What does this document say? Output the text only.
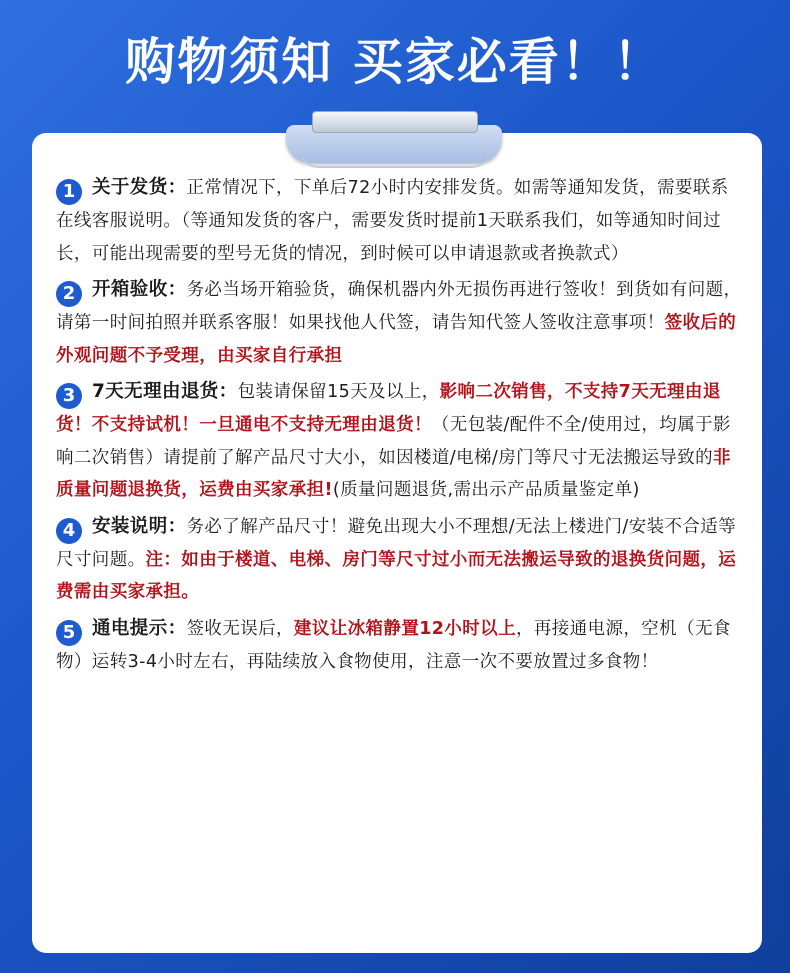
购物须知 买家必看！！
1 关于发货：正常情况下，下单后72小时内安排发货。如需等通知发货，需要联系在线客服说明。（等通知发货的客户，需要发货时提前1天联系我们，如等通知时间过长，可能出现需要的型号无货的情况，到时候可以申请退款或者换款式）
2 开箱验收：务必当场开箱验货，确保机器内外无损伤再进行签收！到货如有问题，请第一时间拍照并联系客服！如果找他人代签，请告知代签人签收注意事项！签收后的外观问题不予受理，由买家自行承担
3 7天无理由退货：包装请保留15天及以上，影响二次销售，不支持7天无理由退货！不支持试机！一旦通电不支持无理由退货！（无包装/配件不全/使用过，均属于影响二次销售）请提前了解产品尺寸大小，如因楼道/电梯/房门等尺寸无法搬运导致的非质量问题退换货，运费由买家承担!(质量问题退货,需出示产品质量鉴定单)
4 安装说明：务必了解产品尺寸！避免出现大小不理想/无法上楼进门/安装不合适等尺寸问题。注：如由于楼道、电梯、房门等尺寸过小而无法搬运导致的退换货问题，运费需由买家承担。
5 通电提示：签收无误后，建议让冰箱静置12小时以上，再接通电源，空机（无食物）运转3-4小时左右，再陆续放入食物使用，注意一次不要放置过多食物！
